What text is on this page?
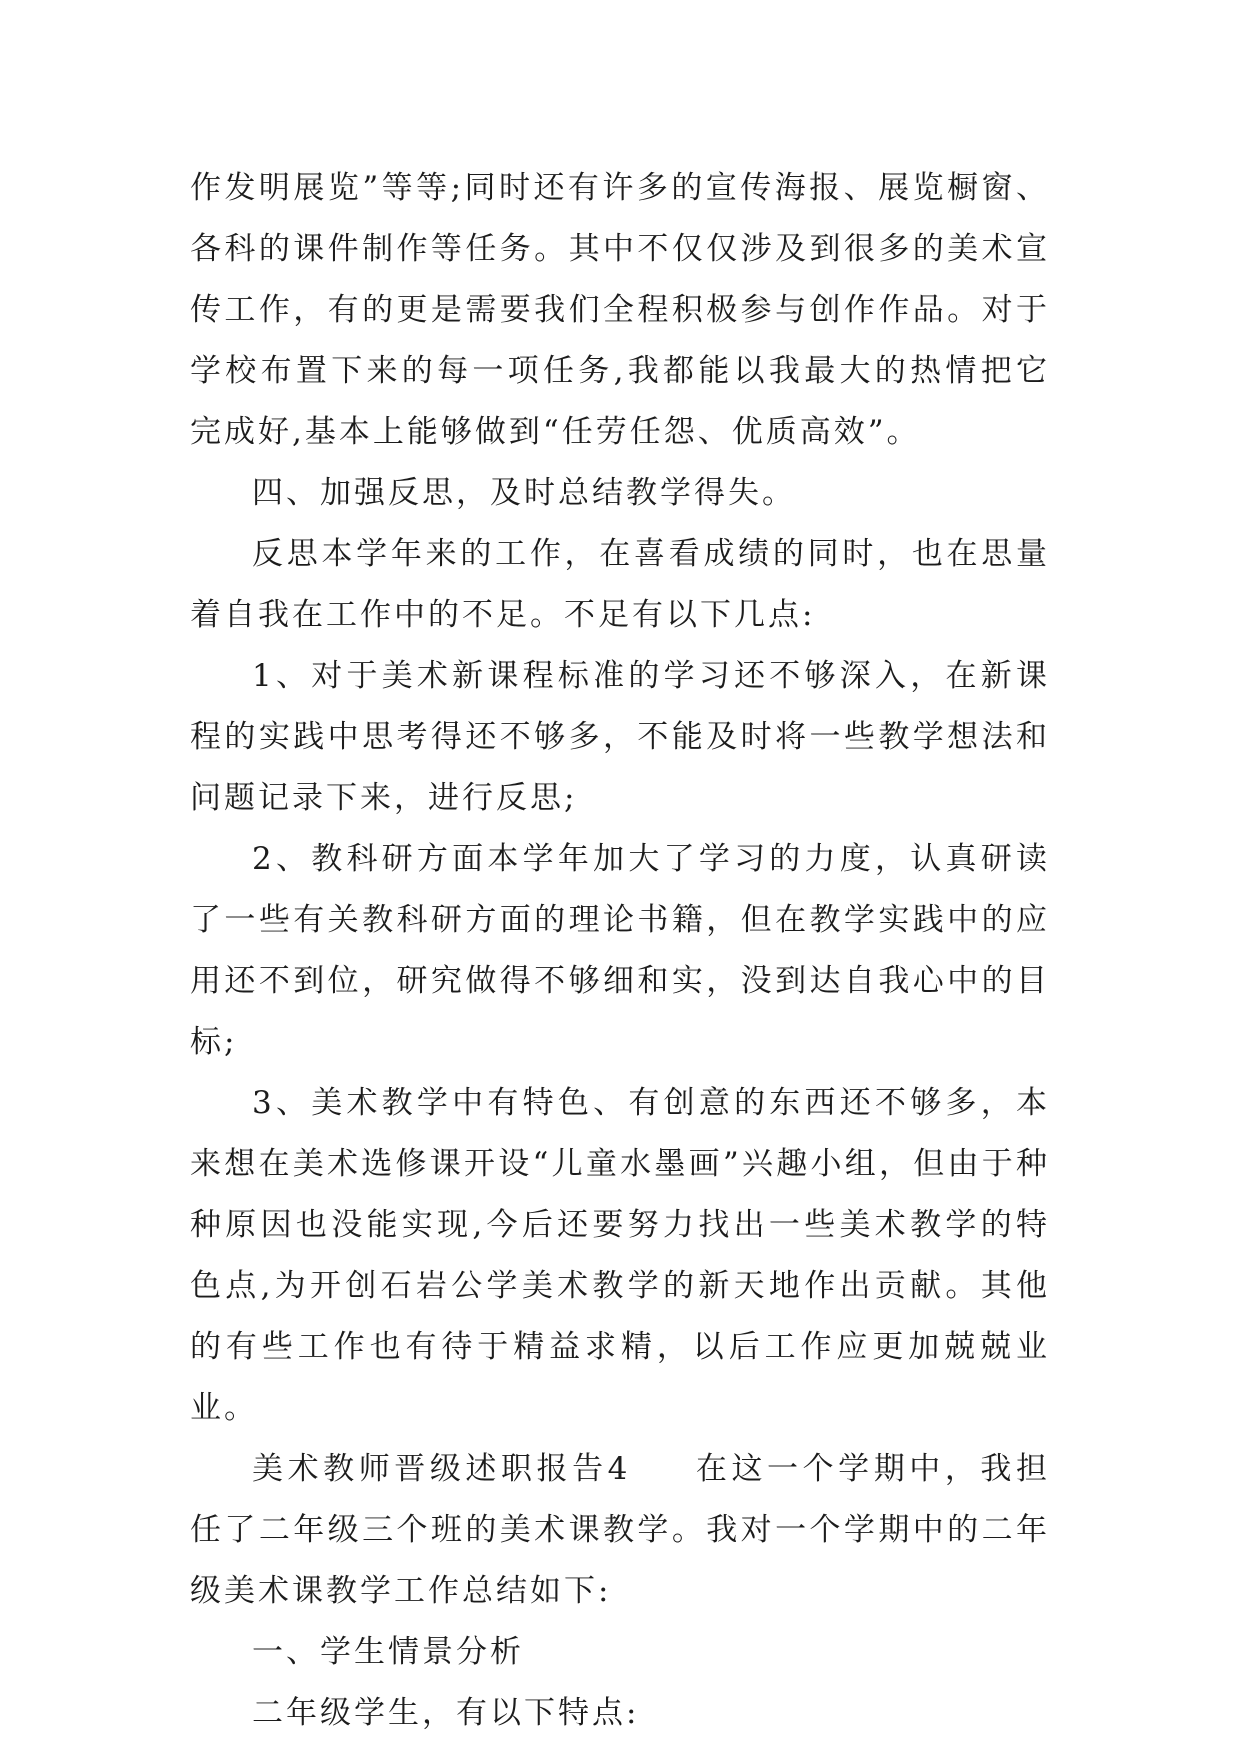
作发明展览”等等;同时还有许多的宣传海报、展览橱窗、各科的课件制作等任务。其中不仅仅涉及到很多的美术宣传工作，有的更是需要我们全程积极参与创作作品。对于学校布置下来的每一项任务,我都能以我最大的热情把它完成好,基本上能够做到“任劳任怨、优质高效”。

四、加强反思，及时总结教学得失。

反思本学年来的工作，在喜看成绩的同时，也在思量着自我在工作中的不足。不足有以下几点:

1、对于美术新课程标准的学习还不够深入，在新课程的实践中思考得还不够多，不能及时将一些教学想法和问题记录下来，进行反思;

2、教科研方面本学年加大了学习的力度，认真研读了一些有关教科研方面的理论书籍，但在教学实践中的应用还不到位，研究做得不够细和实，没到达自我心中的目标;

3、美术教学中有特色、有创意的东西还不够多，本来想在美术选修课开设“儿童水墨画”兴趣小组，但由于种种原因也没能实现,今后还要努力找出一些美术教学的特色点,为开创石岩公学美术教学的新天地作出贡献。其他的有些工作也有待于精益求精，以后工作应更加兢兢业业。

美术教师晋级述职报告4 在这一个学期中，我担任了二年级三个班的美术课教学。我对一个学期中的二年级美术课教学工作总结如下:

一、学生情景分析

二年级学生，有以下特点:
